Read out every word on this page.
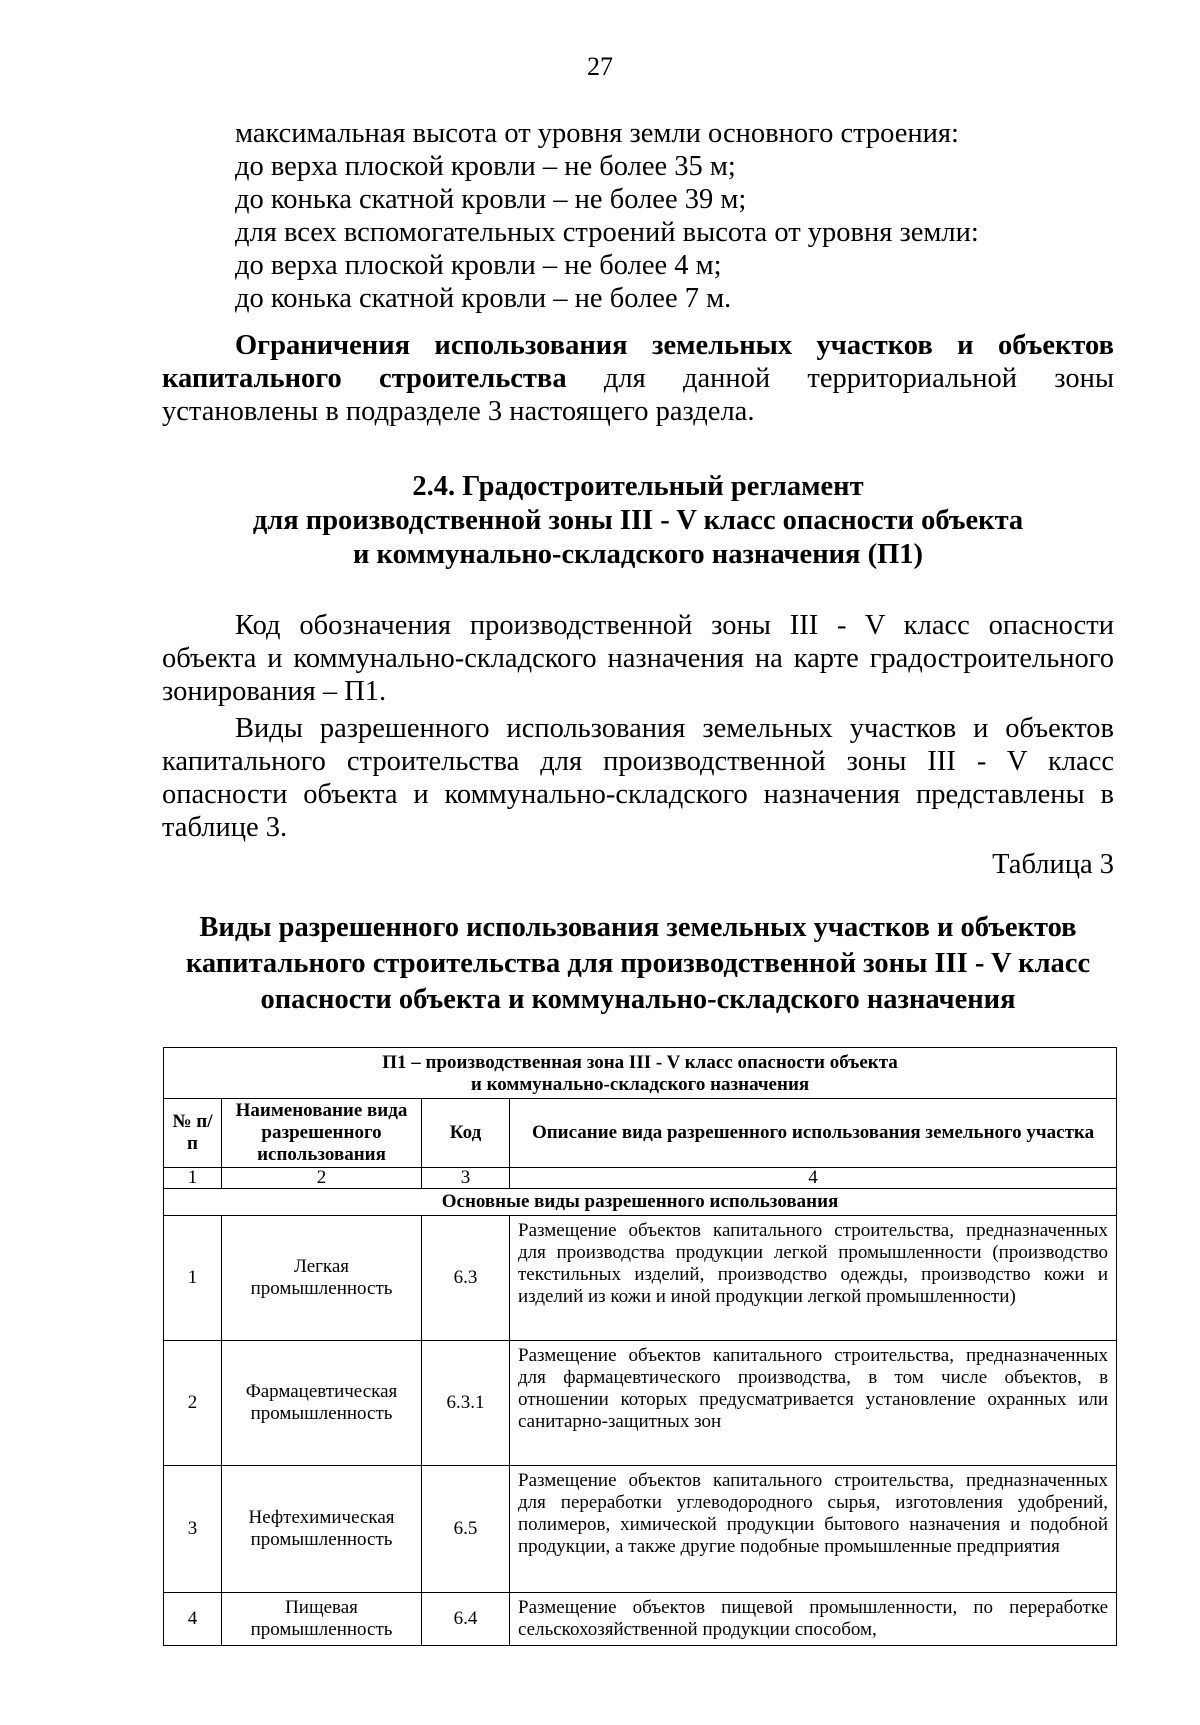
27
максимальная высота от уровня земли основного строения:
до верха плоской кровли – не более 35 м;
до конька скатной кровли – не более 39 м;
для всех вспомогательных строений высота от уровня земли:
до верха плоской кровли – не более 4 м;
до конька скатной кровли – не более 7 м.
Ограничения использования земельных участков и объектов капитального строительства для данной территориальной зоны установлены в подразделе 3 настоящего раздела.
2.4. Градостроительный регламент
для производственной зоны III - V класс опасности объекта
и коммунально-складского назначения (П1)
Код обозначения производственной зоны III - V класс опасности объекта и коммунально-складского назначения на карте градостроительного зонирования – П1.
Виды разрешенного использования земельных участков и объектов капитального строительства для производственной зоны III - V класс опасности объекта и коммунально-складского назначения представлены в таблице 3.
Таблица 3
Виды разрешенного использования земельных участков и объектов
капитального строительства для производственной зоны III - V класс
опасности объекта и коммунально-складского назначения
П1 – производственная зона III - V класс опасности объекта
и коммунально-складского назначения			

№ п/п	Наименование вида разрешенного использования	Код	Описание вида разрешенного использования земельного участка
1	2	3	4
Основные виды разрешенного использования			
1	Легкая промышленность	6.3	Размещение объектов капитального строительства, предназначенных для производства продукции легкой промышленности (производство текстильных изделий, производство одежды, производство кожи и изделий из кожи и иной продукции легкой промышленности)
2	Фармацевтическая промышленность	6.3.1	Размещение объектов капитального строительства, предназначенных для фармацевтического производства, в том числе объектов, в отношении которых предусматривается установление охранных или санитарно-защитных зон
3	Нефтехимическая промышленность	6.5	Размещение объектов капитального строительства, предназначенных для переработки углеводородного сырья, изготовления удобрений, полимеров, химической продукции бытового назначения и подобной продукции, а также другие подобные промышленные предприятия
4	Пищевая промышленность	6.4	Размещение объектов пищевой промышленности, по переработке сельскохозяйственной продукции способом,
